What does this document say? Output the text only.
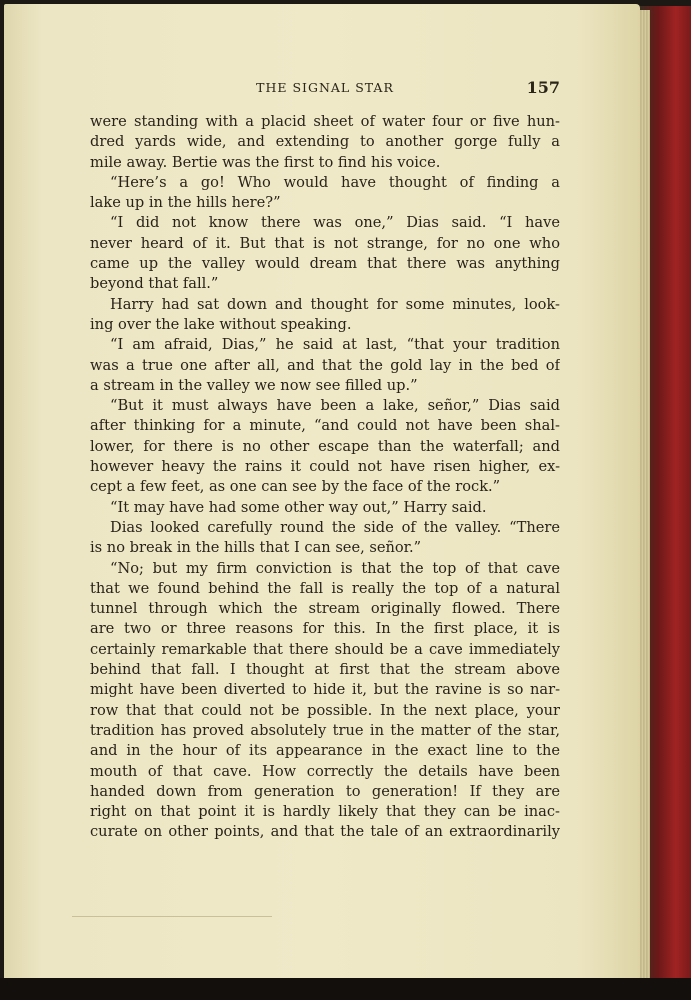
THE SIGNAL STAR	157
were standing with a placid sheet of water four or five hun-
dred yards wide, and extending to another gorge fully a
mile away. Bertie was the first to find his voice.
“Here’s a go! Who would have thought of finding a
lake up in the hills here?”
“I did not know there was one,” Dias said. “I have
never heard of it. But that is not strange, for no one who
came up the valley would dream that there was anything
beyond that fall.”
Harry had sat down and thought for some minutes, look-
ing over the lake without speaking.
“I am afraid, Dias,” he said at last, “that your tradition
was a true one after all, and that the gold lay in the bed of
a stream in the valley we now see filled up.”
“But it must always have been a lake, señor,” Dias said
after thinking for a minute, “and could not have been shal-
lower, for there is no other escape than the waterfall; and
however heavy the rains it could not have risen higher, ex-
cept a few feet, as one can see by the face of the rock.”
“It may have had some other way out,” Harry said.
Dias looked carefully round the side of the valley. “There
is no break in the hills that I can see, señor.”
“No; but my firm conviction is that the top of that cave
that we found behind the fall is really the top of a natural
tunnel through which the stream originally flowed. There
are two or three reasons for this. In the first place, it is
certainly remarkable that there should be a cave immediately
behind that fall. I thought at first that the stream above
might have been diverted to hide it, but the ravine is so nar-
row that that could not be possible. In the next place, your
tradition has proved absolutely true in the matter of the star,
and in the hour of its appearance in the exact line to the
mouth of that cave. How correctly the details have been
handed down from generation to generation! If they are
right on that point it is hardly likely that they can be inac-
curate on other points, and that the tale of an extraordinarily
